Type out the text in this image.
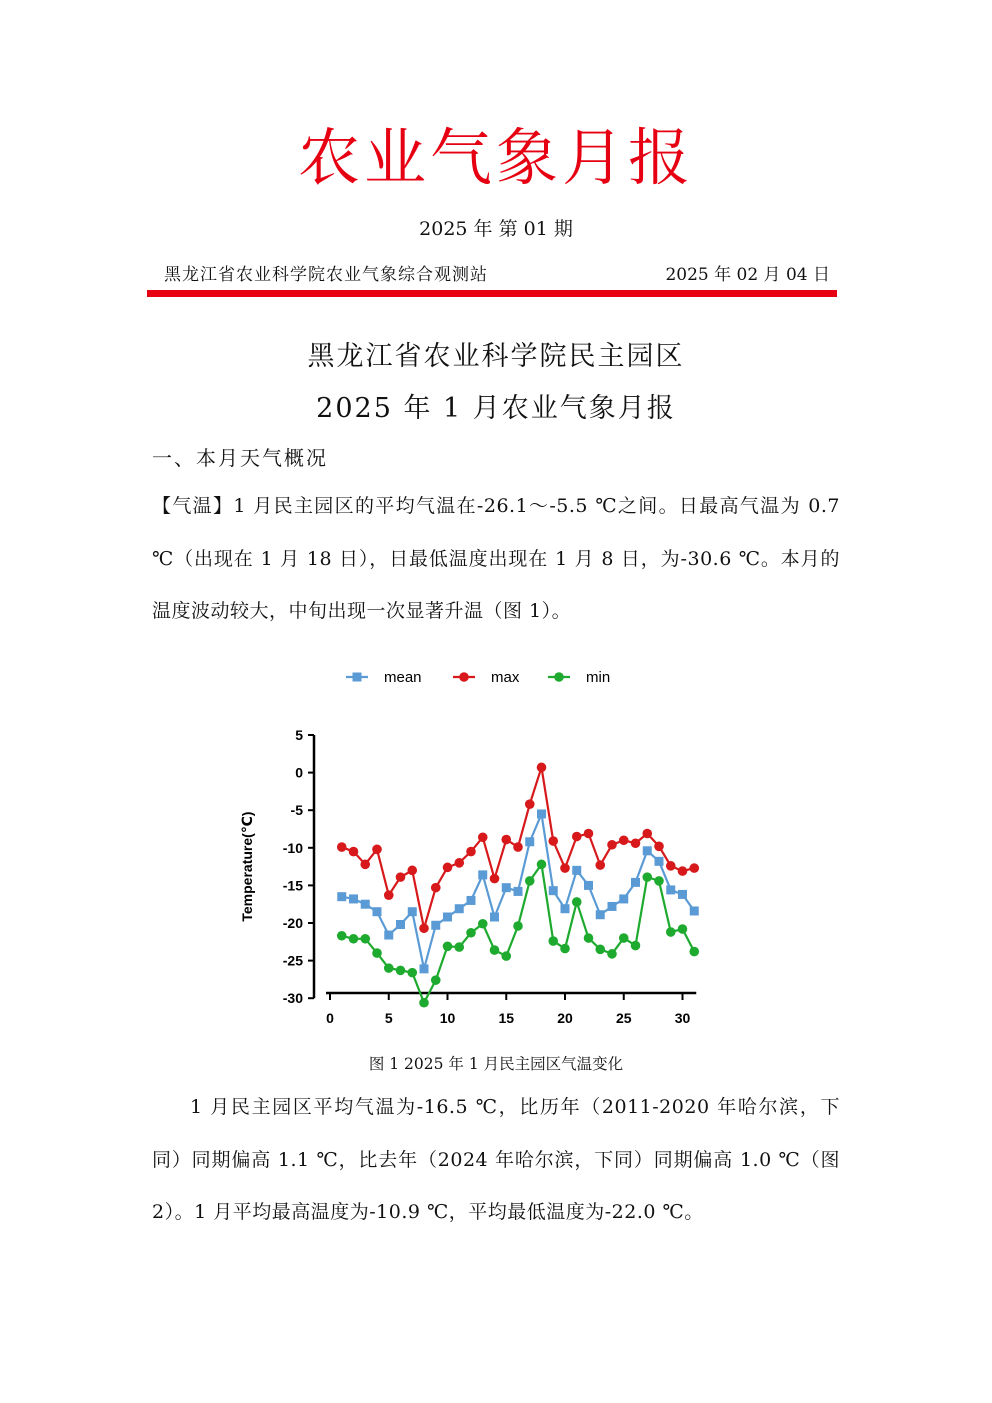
农业气象月报
2025 年 第 01 期
黑龙江省农业科学院农业气象综合观测站	2025 年 02 月 04 日
黑龙江省农业科学院民主园区
2025 年 1 月农业气象月报
一、本月天气概况
【气温】1 月民主园区的平均气温在-26.1～-5.5 ℃之间。日最高气温为 0.7 ℃（出现在 1 月 18 日），日最低温度出现在 1 月 8 日，为-30.6 ℃。本月的温度波动较大，中旬出现一次显著升温（图 1）。
mean	max	min
5
0
-5
-10
-15
-20
-25
-30
Temperature(℃)
0	5	10	15	20	25	30
图 1 2025 年 1 月民主园区气温变化
1 月民主园区平均气温为-16.5 ℃，比历年（2011-2020 年哈尔滨，下同）同期偏高 1.1 ℃，比去年（2024 年哈尔滨，下同）同期偏高 1.0 ℃（图 2）。1 月平均最高温度为-10.9 ℃，平均最低温度为-22.0 ℃。
